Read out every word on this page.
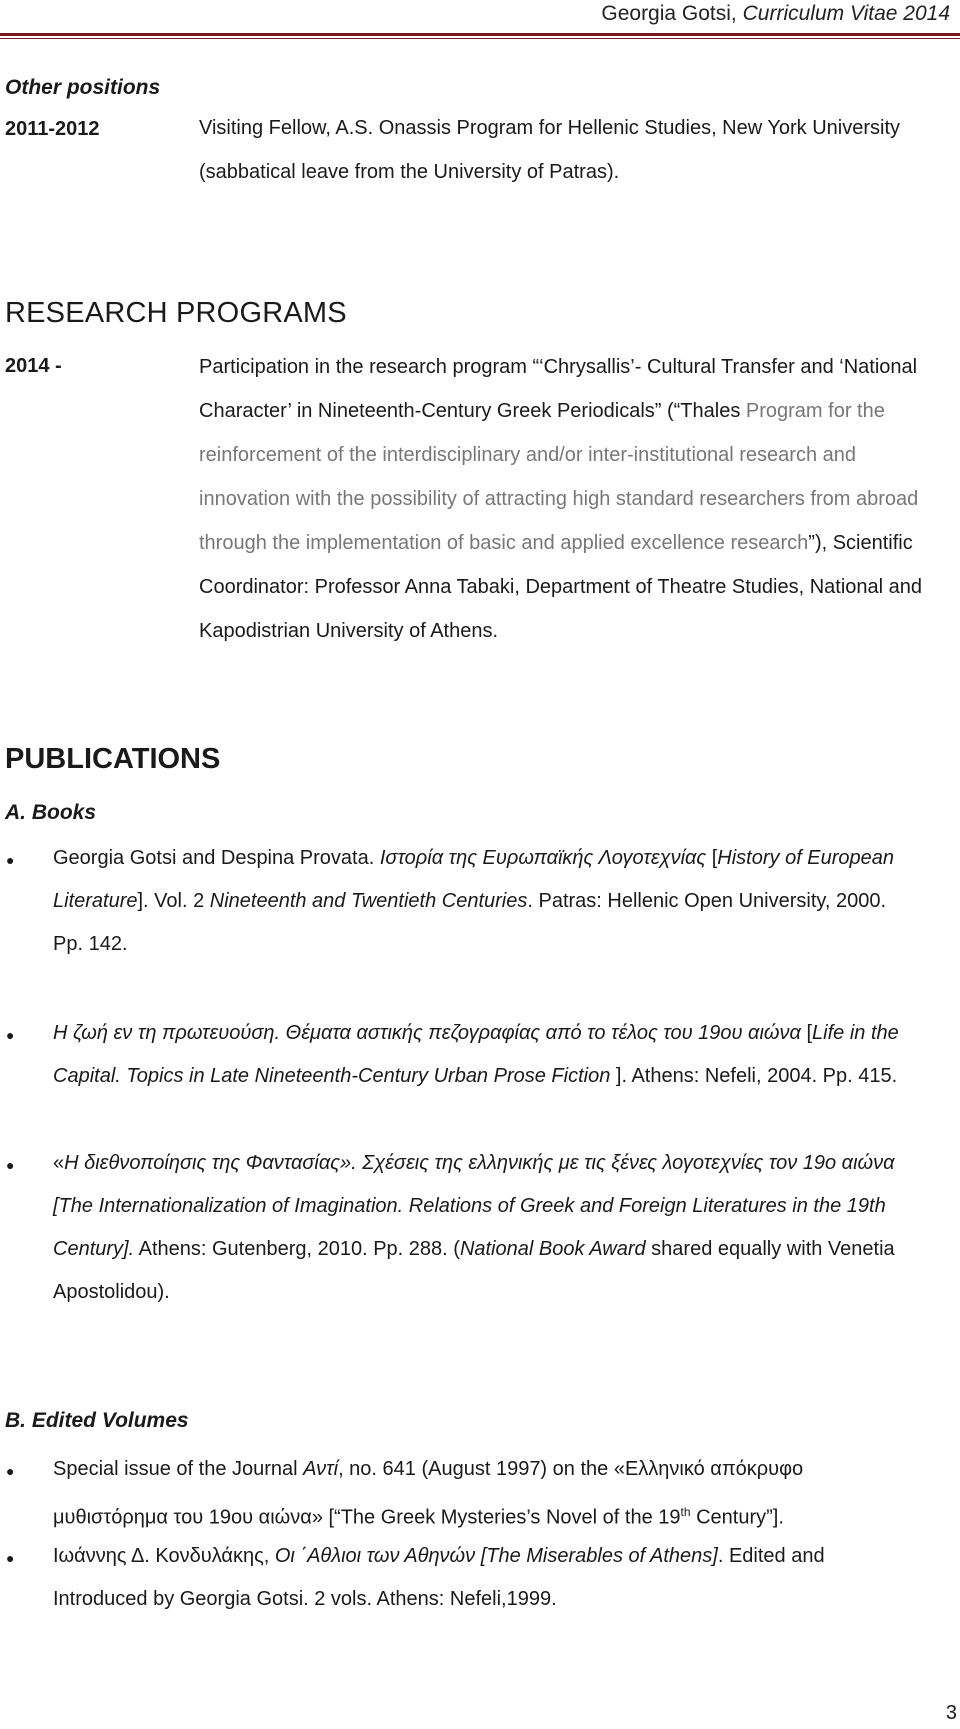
Georgia Gotsi, Curriculum Vitae 2014
Other positions
2011-2012	Visiting Fellow, A.S. Onassis Program for Hellenic Studies, New York University
(sabbatical leave from the University of Patras).
RESEARCH PROGRAMS
2014 -	Participation in the research program “‘Chrysallis’- Cultural Transfer and ‘National
Character’ in Nineteenth-Century Greek Periodicals” (“Thales Program for the
reinforcement of the interdisciplinary and/or inter-institutional research and
innovation with the possibility of attracting high standard researchers from abroad
through the implementation of basic and applied excellence research”), Scientific
Coordinator: Professor Anna Tabaki, Department of Theatre Studies, National and
Kapodistrian University of Athens.
PUBLICATIONS
A. Books
● Georgia Gotsi and Despina Provata. Ιστορία της Ευρωπαϊκής Λογοτεχνίας [History of European
Literature]. Vol. 2 Nineteenth and Twentieth Centuries. Patras: Hellenic Open University, 2000.
Pp. 142.
● Η ζωή εν τη πρωτευούση. Θέματα αστικής πεζογραφίας από το τέλος του 19ου αιώνα [Life in the
Capital. Topics in Late Nineteenth-Century Urban Prose Fiction ]. Athens: Nefeli, 2004. Pp. 415.
● «Η διεθνοποίησις της Φαντασίας». Σχέσεις της ελληνικής με τις ξένες λογοτεχνίες τον 19ο αιώνα
[The Internationalization of Imagination. Relations of Greek and Foreign Literatures in the 19th
Century]. Athens: Gutenberg, 2010. Pp. 288. (National Book Award shared equally with Venetia
Apostolidou).
B. Edited Volumes
● Special issue of the Journal Αντί, no. 641 (August 1997) on the «Ελληνικό απόκρυφο
μυθιστόρημα του 19ου αιώνα» [“The Greek Mysteries’s Novel of the 19th Century”].
● Ιωάννης Δ. Κονδυλάκης, Οι ΄Αθλιοι των Αθηνών [The Miserables of Athens]. Edited and
Introduced by Georgia Gotsi. 2 vols. Athens: Nefeli,1999.
3
